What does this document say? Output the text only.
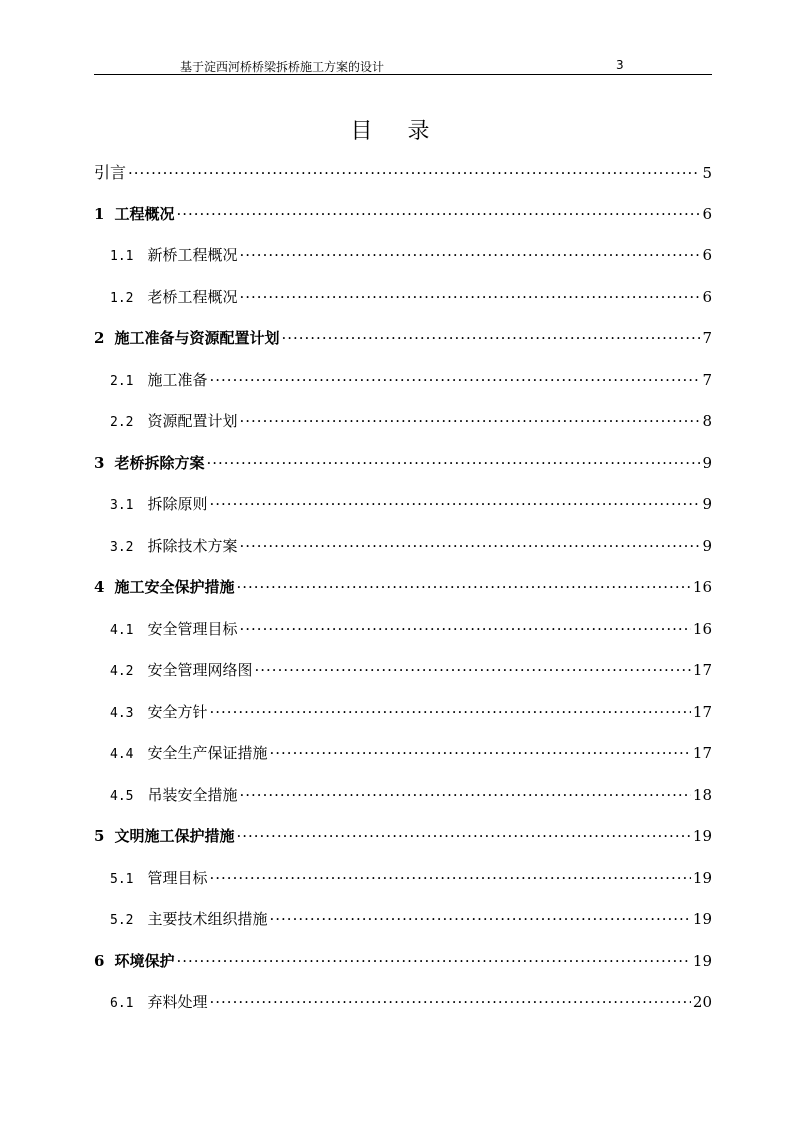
基于淀西河桥桥梁拆桥施工方案的设计	3
目 录
引言 ·····	5
1 工程概况 ·····	6
1.1 新桥工程概况 ·····	6
1.2 老桥工程概况 ·····	6
2 施工准备与资源配置计划 ·····	7
2.1 施工准备 ·····	7
2.2 资源配置计划 ·····	8
3 老桥拆除方案 ·····	9
3.1 拆除原则 ·····	9
3.2 拆除技术方案 ·····	9
4 施工安全保护措施 ·····	16
4.1 安全管理目标 ·····	16
4.2 安全管理网络图 ·····	17
4.3 安全方针 ·····	17
4.4 安全生产保证措施 ·····	17
4.5 吊装安全措施 ·····	18
5 文明施工保护措施 ·····	19
5.1 管理目标 ·····	19
5.2 主要技术组织措施 ·····	19
6 环境保护 ·····	19
6.1 弃料处理 ·····	20
